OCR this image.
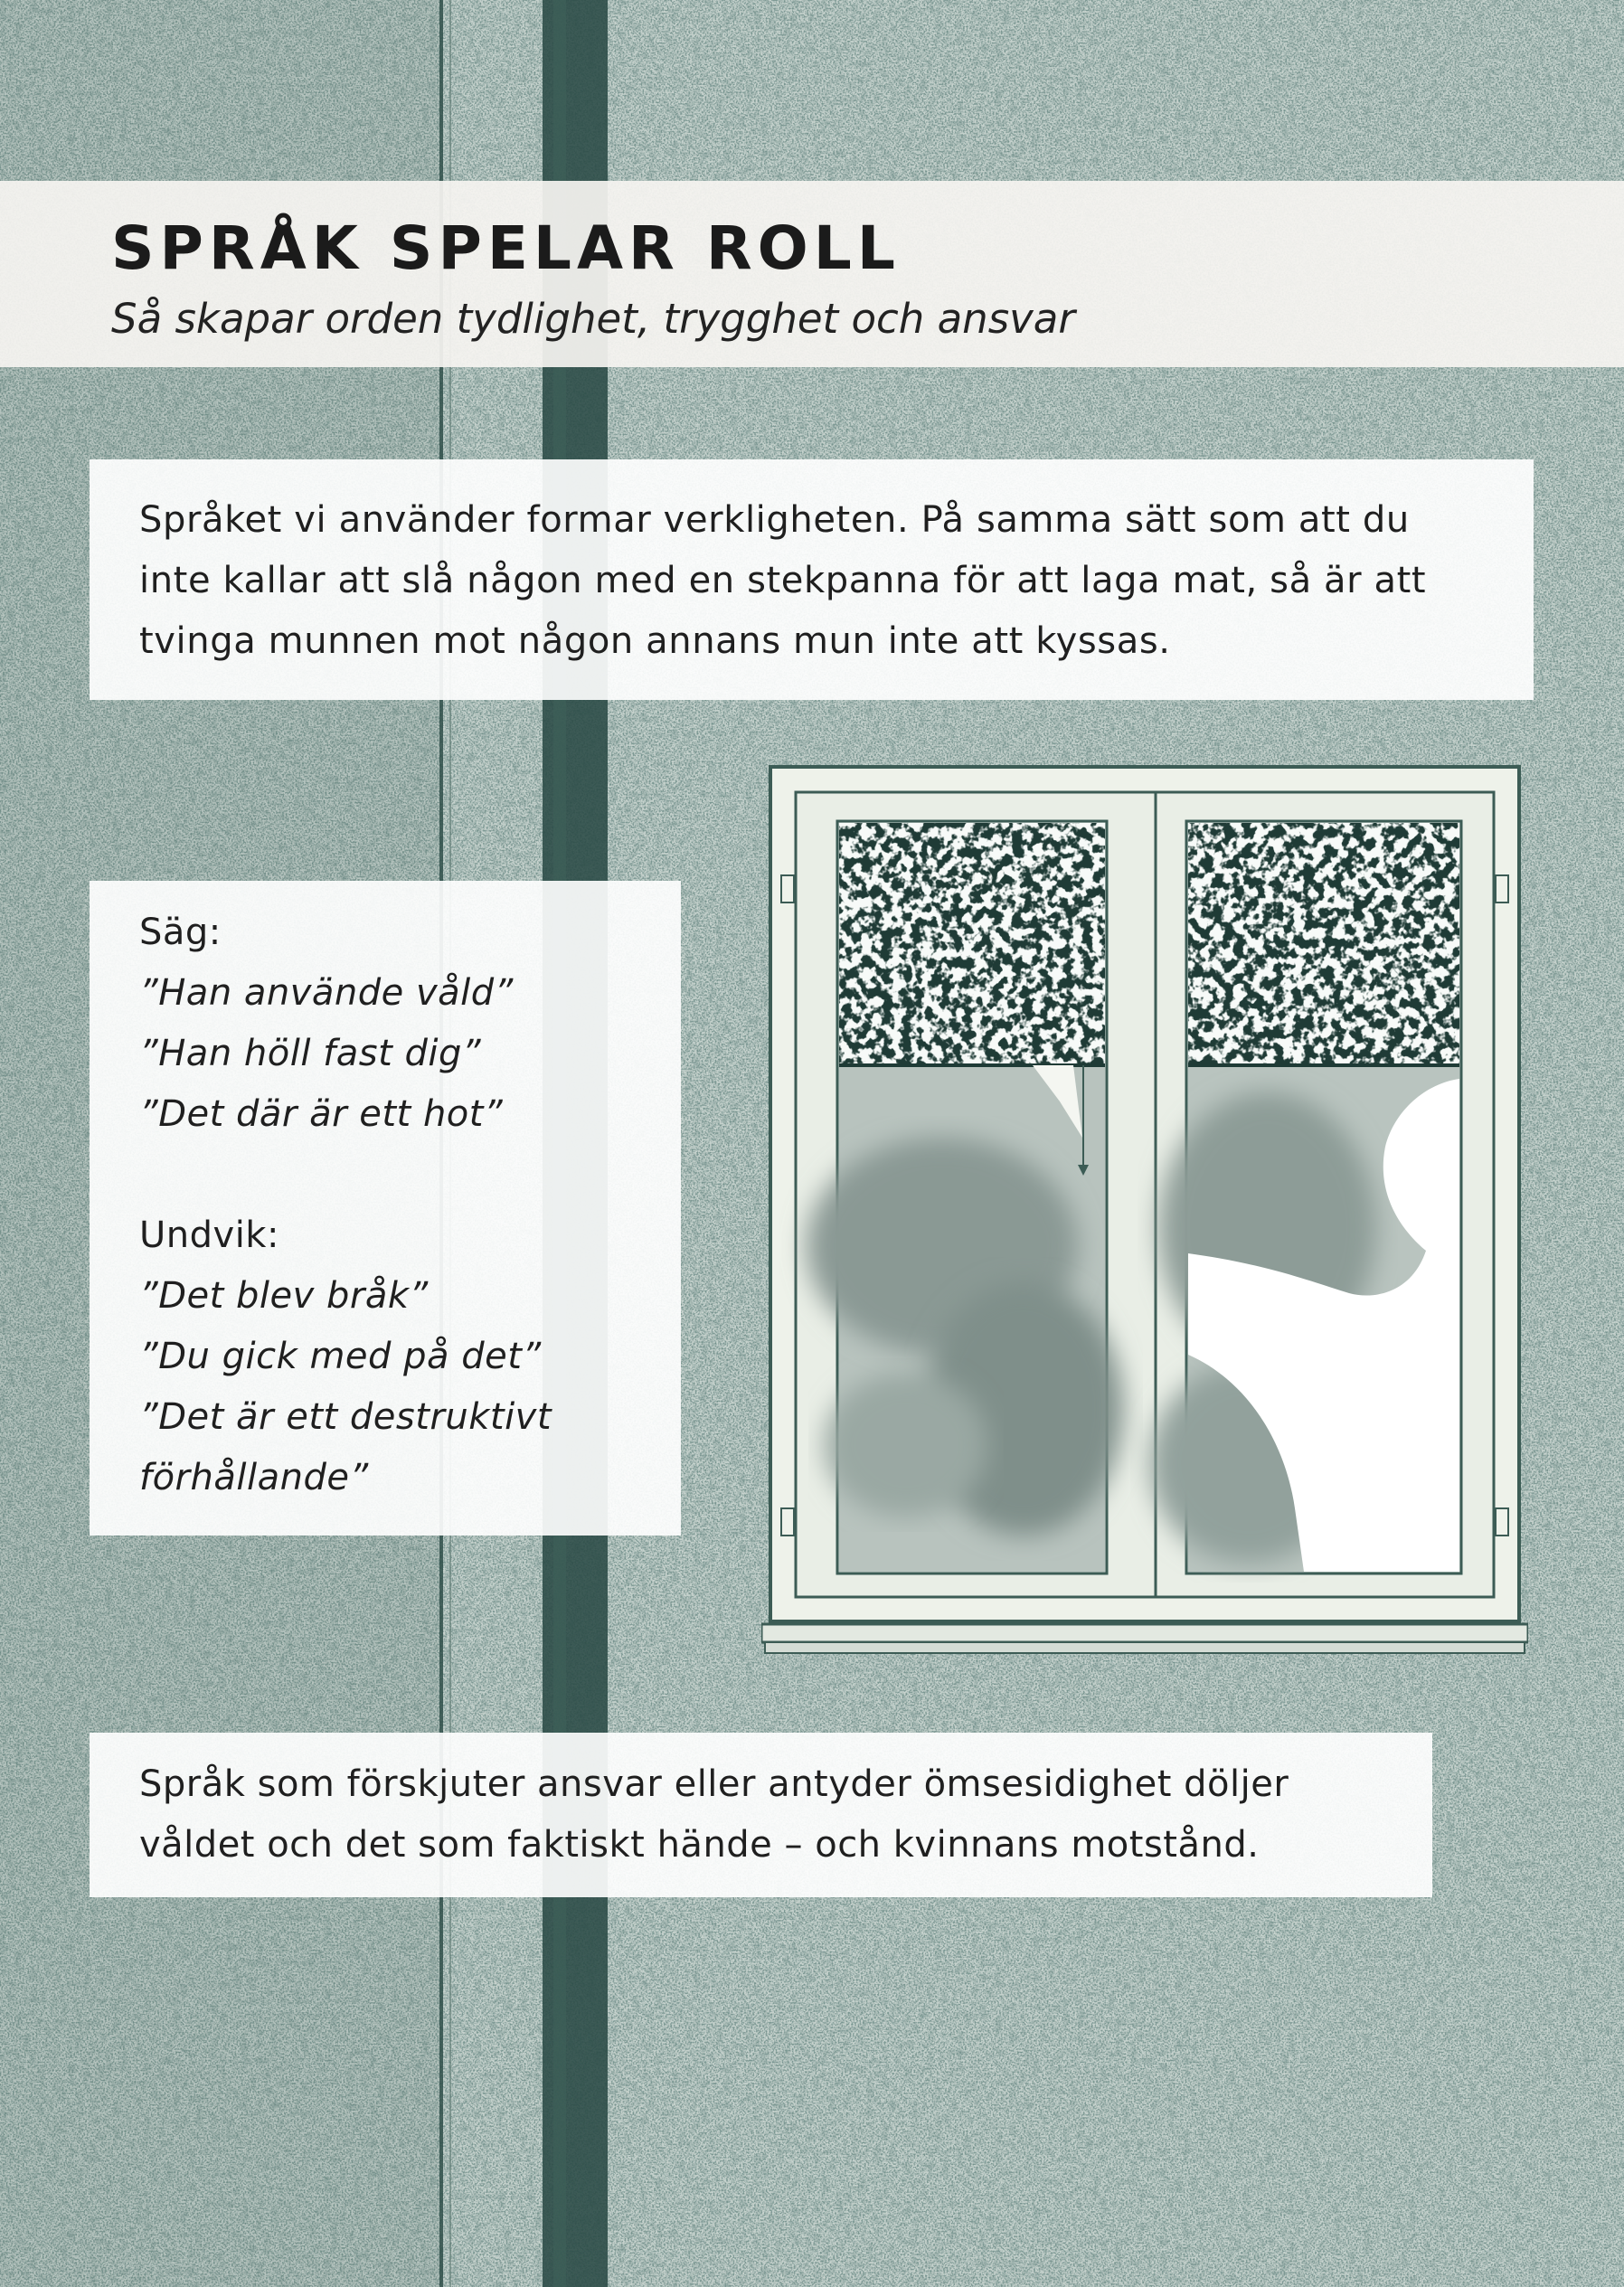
SPRÅK SPELAR ROLL

Så skapar orden tydlighet, trygghet och ansvar

Språket vi använder formar verkligheten. På samma sätt som att du inte kallar att slå någon med en stekpanna för att laga mat, så är att tvinga munnen mot någon annans mun inte att kyssas.

Säg:
”Han använde våld”
”Han höll fast dig”
”Det där är ett hot”
Undvik:
”Det blev bråk”
”Du gick med på det”
”Det är ett destruktivt
förhållande”

Språk som förskjuter ansvar eller antyder ömsesidighet döljer våldet och det som faktiskt hände – och kvinnans motstånd.
